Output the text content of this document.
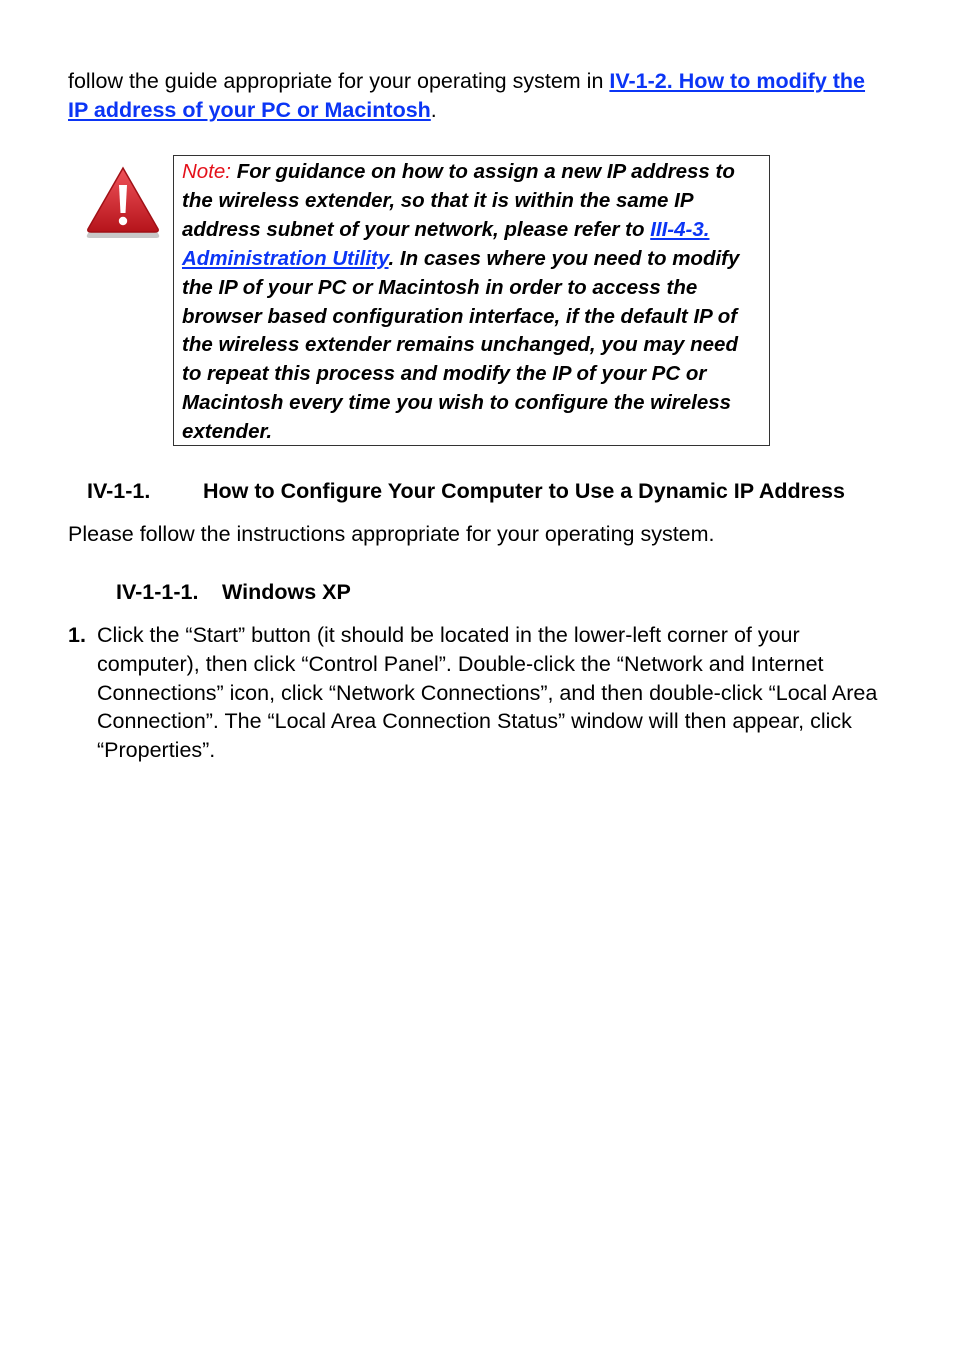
follow the guide appropriate for your operating system in IV-1-2. How to modify the IP address of your PC or Macintosh.
Note: For guidance on how to assign a new IP address to the wireless extender, so that it is within the same IP address subnet of your network, please refer to III-4-3. Administration Utility. In cases where you need to modify the IP of your PC or Macintosh in order to access the browser based configuration interface, if the default IP of the wireless extender remains unchanged, you may need to repeat this process and modify the IP of your PC or Macintosh every time you wish to configure the wireless extender.
IV-1-1. How to Configure Your Computer to Use a Dynamic IP Address
Please follow the instructions appropriate for your operating system.
IV-1-1-1. Windows XP
1. Click the “Start” button (it should be located in the lower-left corner of your computer), then click “Control Panel”. Double-click the “Network and Internet Connections” icon, click “Network Connections”, and then double-click “Local Area Connection”. The “Local Area Connection Status” window will then appear, click “Properties”.
